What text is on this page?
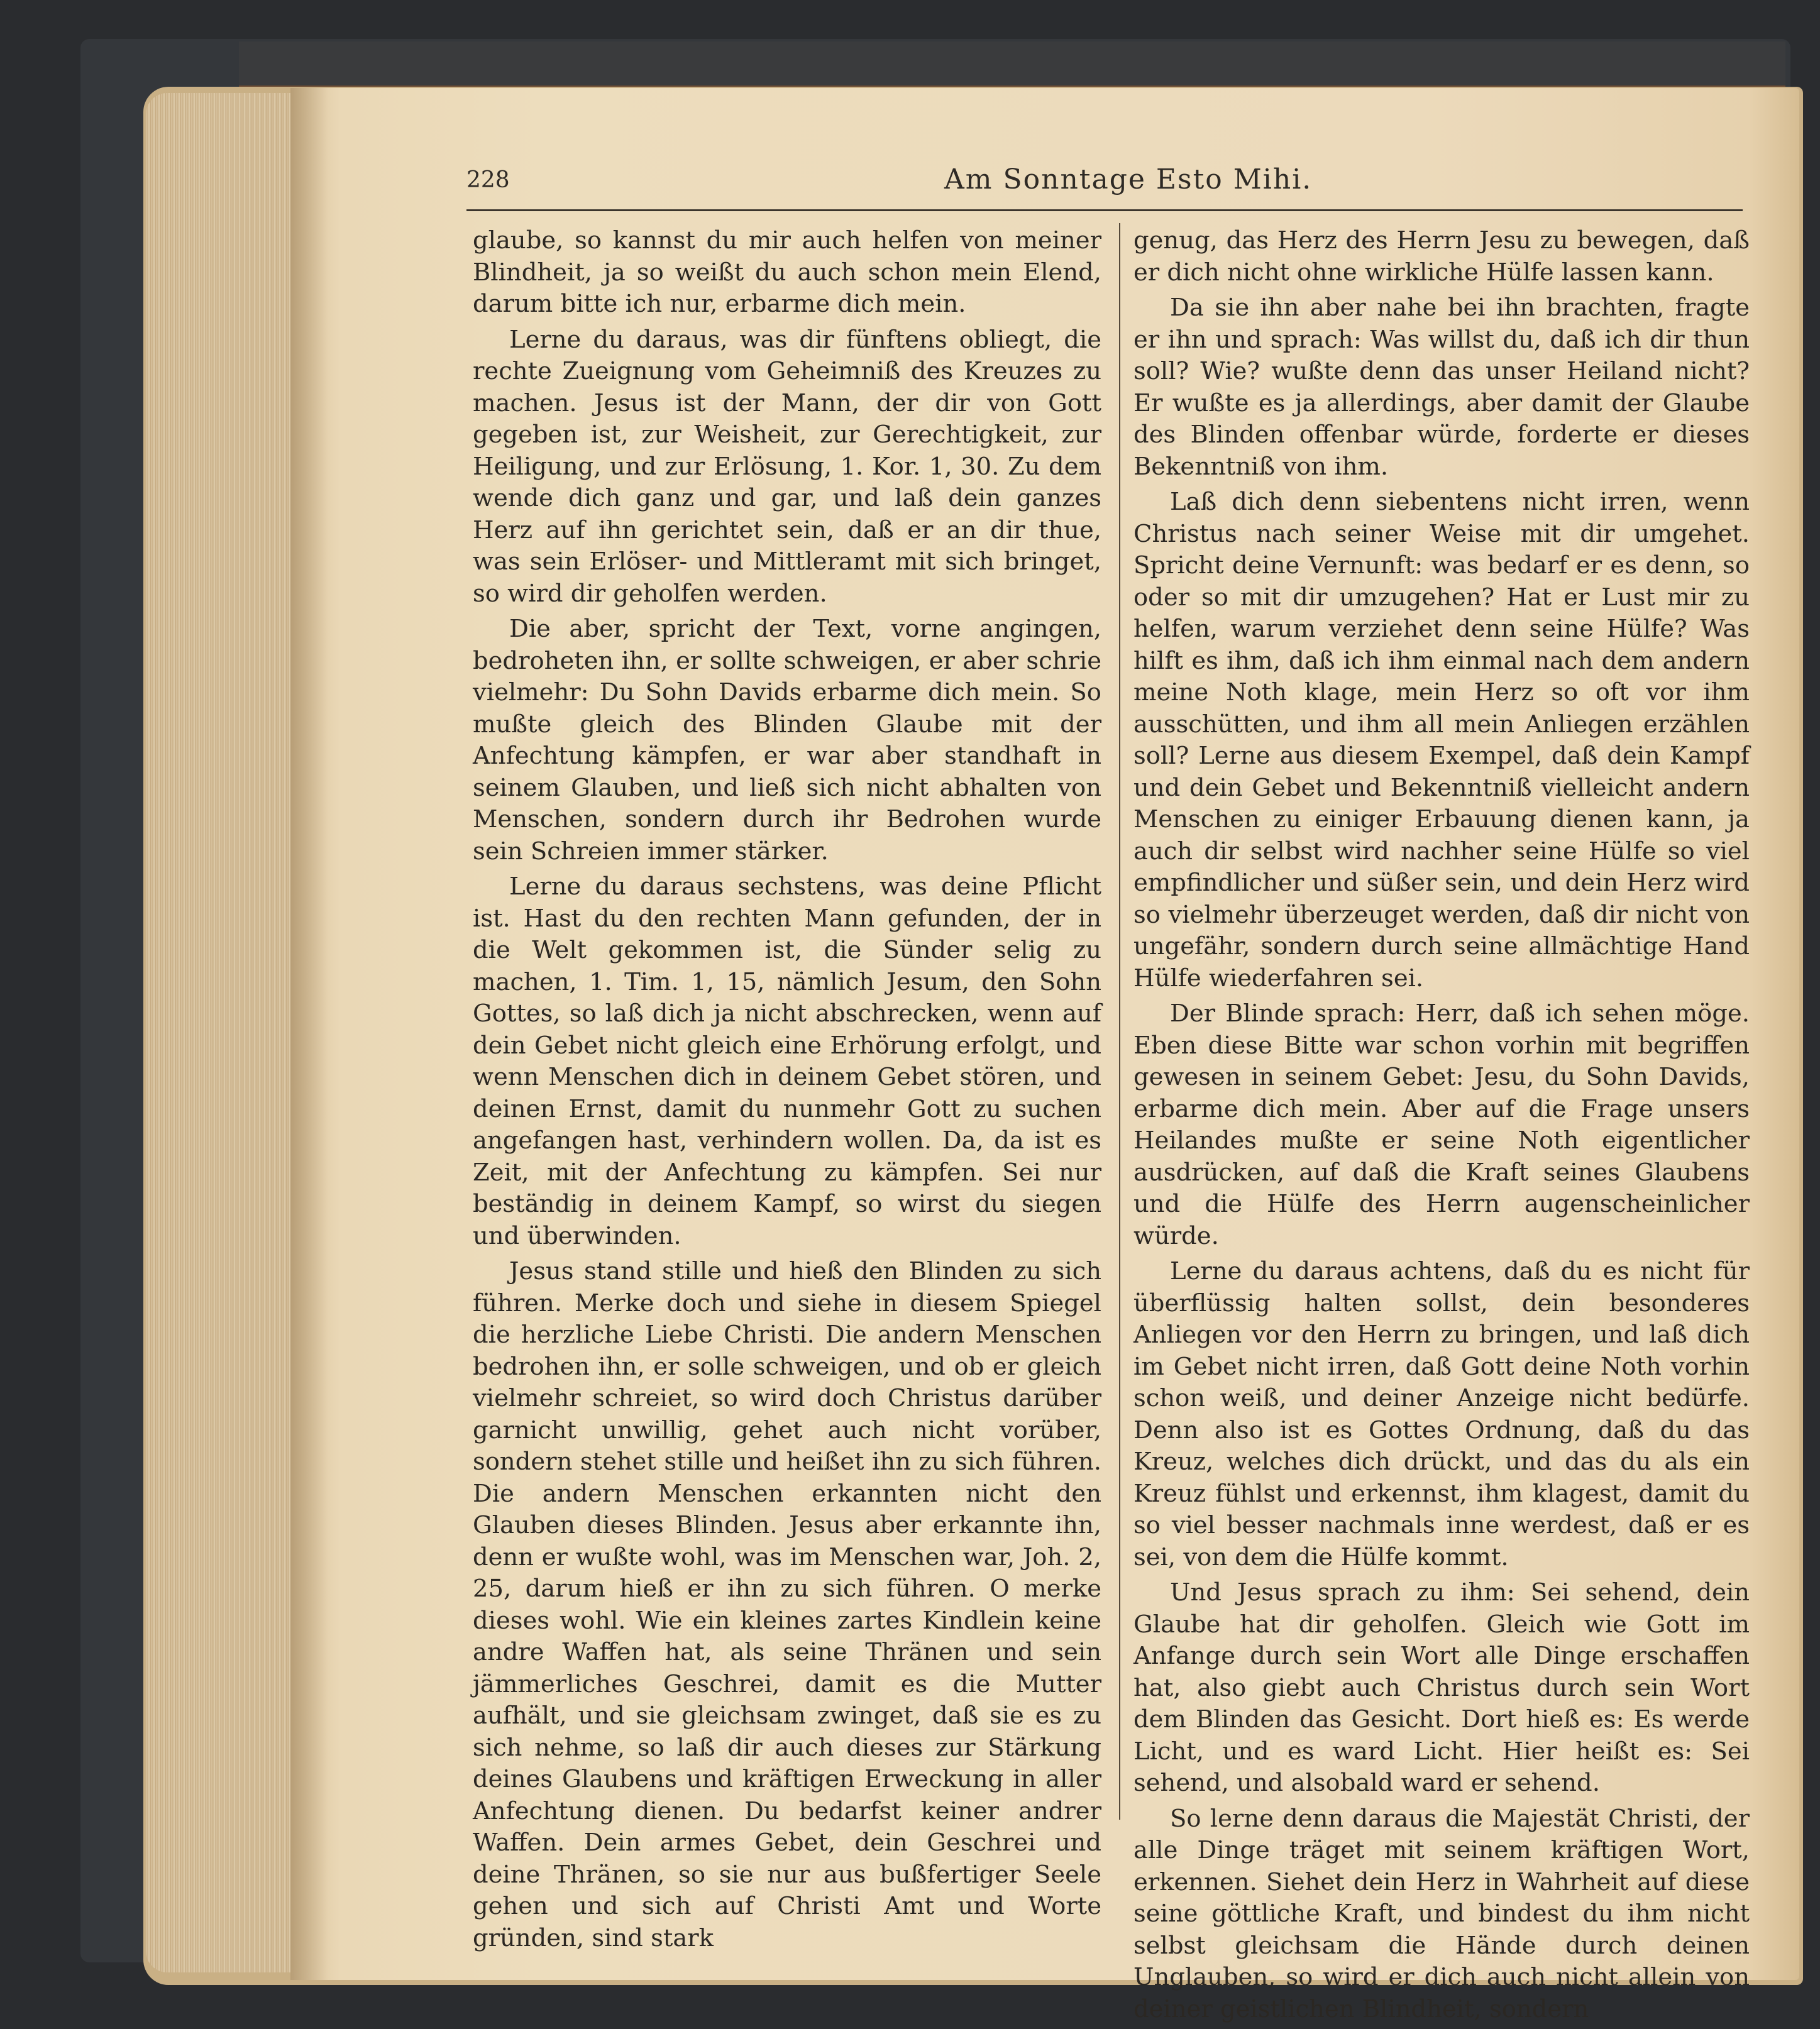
228	Am Sonntage Esto Mihi.

glaube, so kannst du mir auch helfen von meiner Blindheit, ja so weißt du auch schon mein Elend, darum bitte ich nur, erbarme dich mein.

Lerne du daraus, was dir fünftens obliegt, die rechte Zueignung vom Geheimniß des Kreuzes zu machen. Jesus ist der Mann, der dir von Gott gegeben ist, zur Weisheit, zur Gerechtigkeit, zur Heiligung, und zur Erlösung, 1. Kor. 1, 30. Zu dem wende dich ganz und gar, und laß dein ganzes Herz auf ihn gerichtet sein, daß er an dir thue, was sein Erlöser- und Mittleramt mit sich bringet, so wird dir geholfen werden.

Die aber, spricht der Text, vorne angingen, bedroheten ihn, er sollte schweigen, er aber schrie vielmehr: Du Sohn Davids erbarme dich mein. So mußte gleich des Blinden Glaube mit der Anfechtung kämpfen, er war aber standhaft in seinem Glauben, und ließ sich nicht abhalten von Menschen, sondern durch ihr Bedrohen wurde sein Schreien immer stärker.

Lerne du daraus sechstens, was deine Pflicht ist. Hast du den rechten Mann gefunden, der in die Welt gekommen ist, die Sünder selig zu machen, 1. Tim. 1, 15, nämlich Jesum, den Sohn Gottes, so laß dich ja nicht abschrecken, wenn auf dein Gebet nicht gleich eine Erhörung erfolgt, und wenn Menschen dich in deinem Gebet stören, und deinen Ernst, damit du nunmehr Gott zu suchen angefangen hast, verhindern wollen. Da, da ist es Zeit, mit der Anfechtung zu kämpfen. Sei nur beständig in deinem Kampf, so wirst du siegen und überwinden.

Jesus stand stille und hieß den Blinden zu sich führen. Merke doch und siehe in diesem Spiegel die herzliche Liebe Christi. Die andern Menschen bedrohen ihn, er solle schweigen, und ob er gleich vielmehr schreiet, so wird doch Christus darüber garnicht unwillig, gehet auch nicht vorüber, sondern stehet stille und heißet ihn zu sich führen. Die andern Menschen erkannten nicht den Glauben dieses Blinden. Jesus aber erkannte ihn, denn er wußte wohl, was im Menschen war, Joh. 2, 25, darum hieß er ihn zu sich führen. O merke dieses wohl. Wie ein kleines zartes Kindlein keine andre Waffen hat, als seine Thränen und sein jämmerliches Geschrei, damit es die Mutter aufhält, und sie gleichsam zwinget, daß sie es zu sich nehme, so laß dir auch dieses zur Stärkung deines Glaubens und kräftigen Erweckung in aller Anfechtung dienen. Du bedarfst keiner andrer Waffen. Dein armes Gebet, dein Geschrei und deine Thränen, so sie nur aus bußfertiger Seele gehen und sich auf Christi Amt und Worte gründen, sind stark

genug, das Herz des Herrn Jesu zu bewegen, daß er dich nicht ohne wirkliche Hülfe lassen kann.

Da sie ihn aber nahe bei ihn brachten, fragte er ihn und sprach: Was willst du, daß ich dir thun soll? Wie? wußte denn das unser Heiland nicht? Er wußte es ja allerdings, aber damit der Glaube des Blinden offenbar würde, forderte er dieses Bekenntniß von ihm.

Laß dich denn siebentens nicht irren, wenn Christus nach seiner Weise mit dir umgehet. Spricht deine Vernunft: was bedarf er es denn, so oder so mit dir umzugehen? Hat er Lust mir zu helfen, warum verziehet denn seine Hülfe? Was hilft es ihm, daß ich ihm einmal nach dem andern meine Noth klage, mein Herz so oft vor ihm ausschütten, und ihm all mein Anliegen erzählen soll? Lerne aus diesem Exempel, daß dein Kampf und dein Gebet und Bekenntniß vielleicht andern Menschen zu einiger Erbauung dienen kann, ja auch dir selbst wird nachher seine Hülfe so viel empfindlicher und süßer sein, und dein Herz wird so vielmehr überzeuget werden, daß dir nicht von ungefähr, sondern durch seine allmächtige Hand Hülfe wiederfahren sei.

Der Blinde sprach: Herr, daß ich sehen möge. Eben diese Bitte war schon vorhin mit begriffen gewesen in seinem Gebet: Jesu, du Sohn Davids, erbarme dich mein. Aber auf die Frage unsers Heilandes mußte er seine Noth eigentlicher ausdrücken, auf daß die Kraft seines Glaubens und die Hülfe des Herrn augenscheinlicher würde.

Lerne du daraus achtens, daß du es nicht für überflüssig halten sollst, dein besonderes Anliegen vor den Herrn zu bringen, und laß dich im Gebet nicht irren, daß Gott deine Noth vorhin schon weiß, und deiner Anzeige nicht bedürfe. Denn also ist es Gottes Ordnung, daß du das Kreuz, welches dich drückt, und das du als ein Kreuz fühlst und erkennst, ihm klagest, damit du so viel besser nachmals inne werdest, daß er es sei, von dem die Hülfe kommt.

Und Jesus sprach zu ihm: Sei sehend, dein Glaube hat dir geholfen. Gleich wie Gott im Anfange durch sein Wort alle Dinge erschaffen hat, also giebt auch Christus durch sein Wort dem Blinden das Gesicht. Dort hieß es: Es werde Licht, und es ward Licht. Hier heißt es: Sei sehend, und alsobald ward er sehend.

So lerne denn daraus die Majestät Christi, der alle Dinge träget mit seinem kräftigen Wort, erkennen. Siehet dein Herz in Wahrheit auf diese seine göttliche Kraft, und bindest du ihm nicht selbst gleichsam die Hände durch deinen Unglauben, so wird er dich auch nicht allein von deiner geistlichen Blindheit, sondern
